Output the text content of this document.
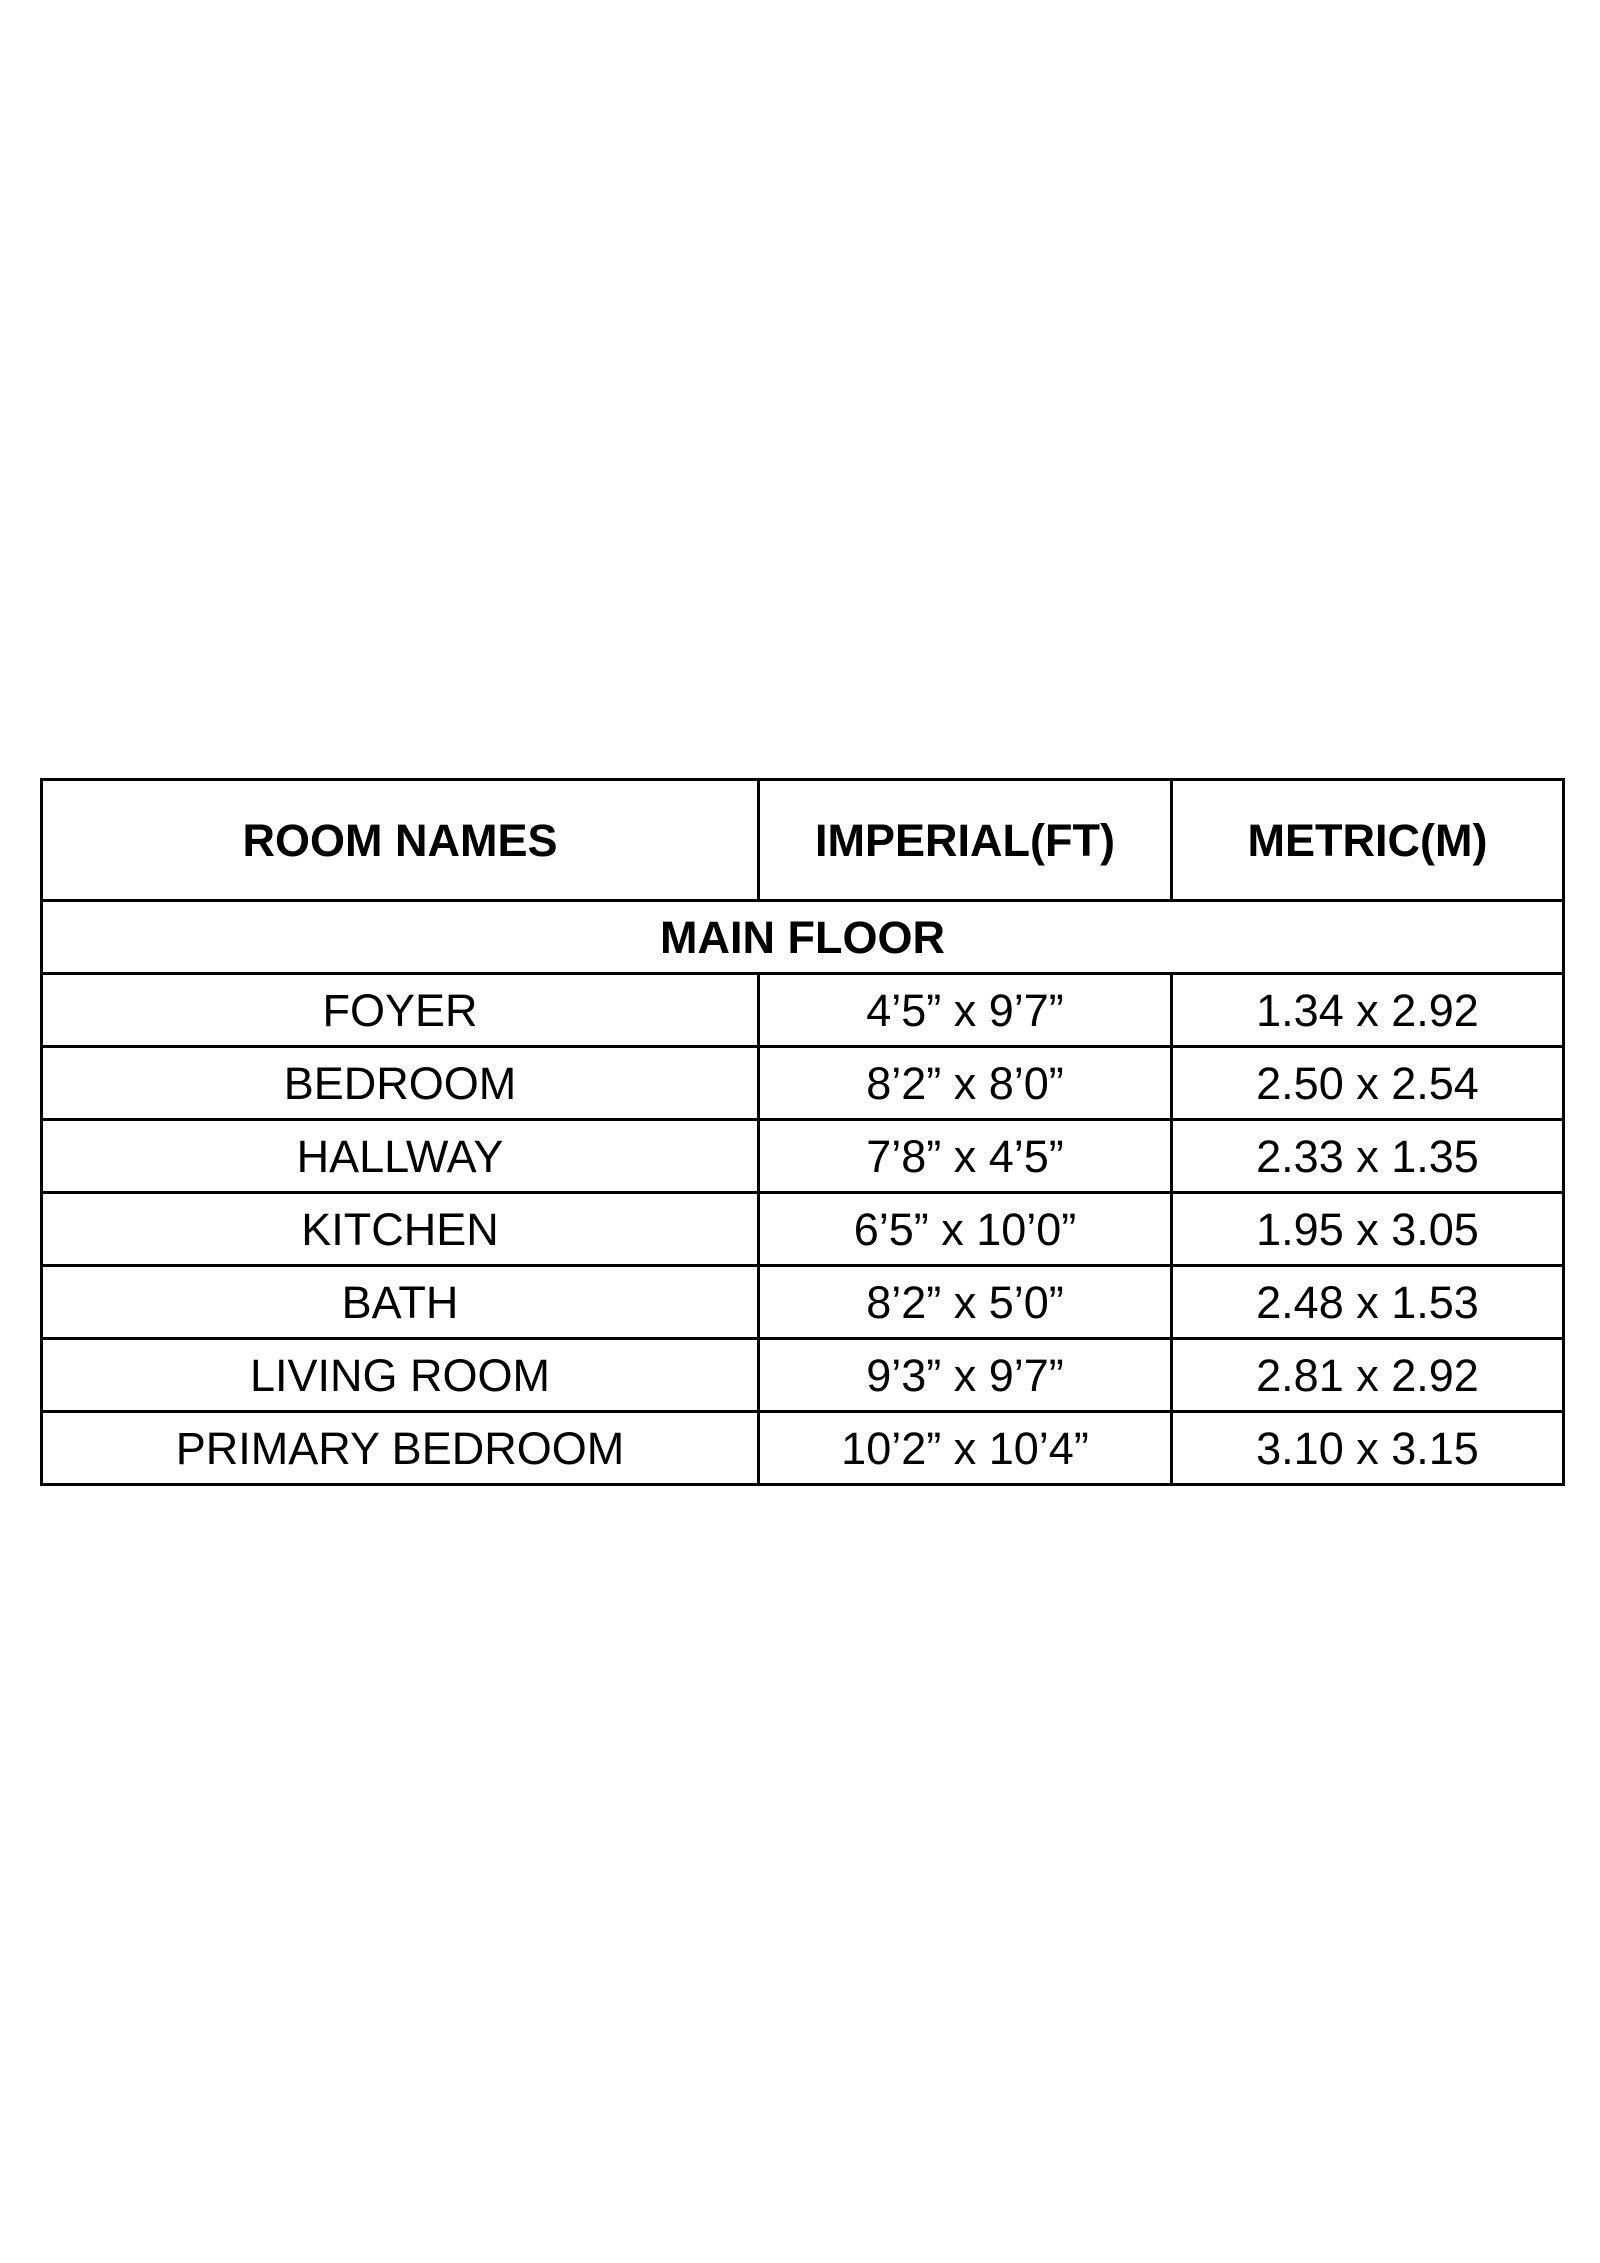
ROOM NAMES	IMPERIAL(FT)	METRIC(M)
MAIN FLOOR		
FOYER	4’5” x 9’7”	1.34 x 2.92
BEDROOM	8’2” x 8’0”	2.50 x 2.54
HALLWAY	7’8” x 4’5”	2.33 x 1.35
KITCHEN	6’5” x 10’0”	1.95 x 3.05
BATH	8’2” x 5’0”	2.48 x 1.53
LIVING ROOM	9’3” x 9’7”	2.81 x 2.92
PRIMARY BEDROOM	10’2” x 10’4”	3.10 x 3.15
